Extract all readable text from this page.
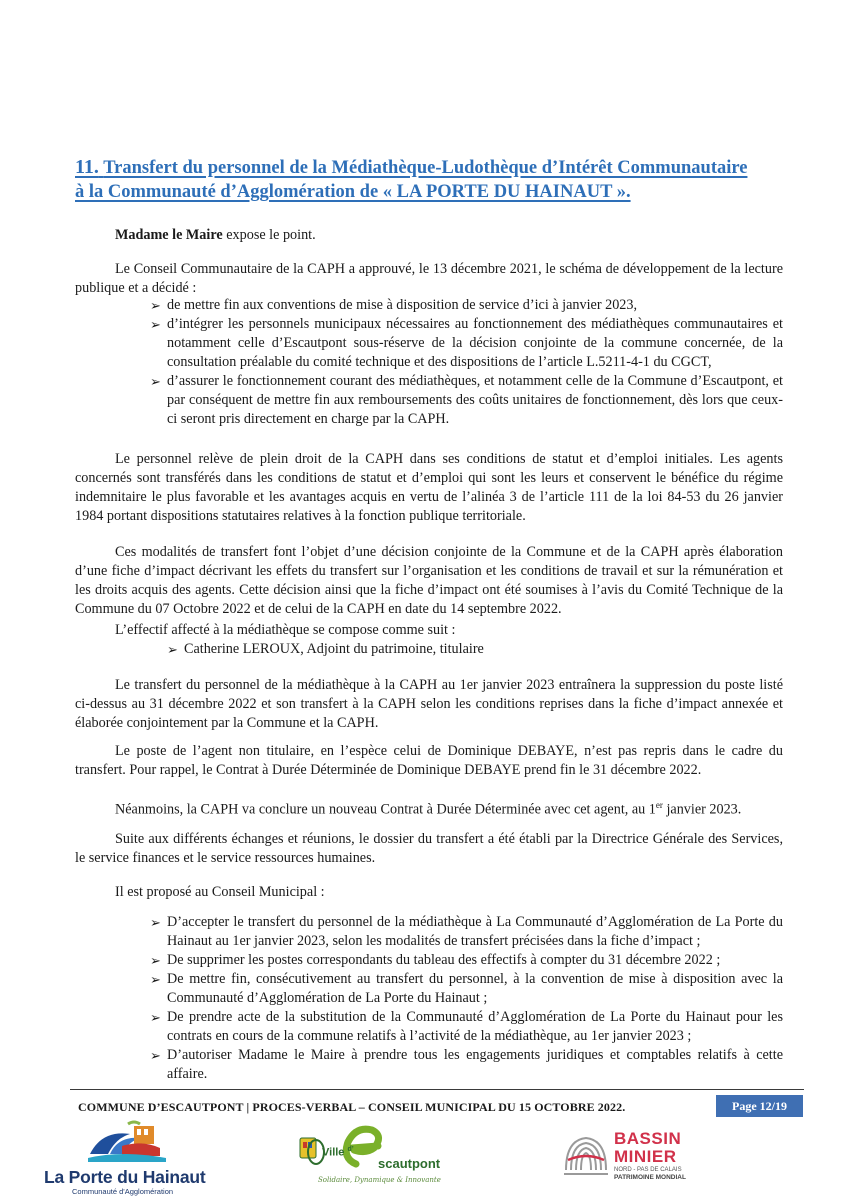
11. Transfert du personnel de la Médiathèque-Ludothèque d’Intérêt Communautaire
à la Communauté d’Agglomération de « LA PORTE DU HAINAUT ».
Madame le Maire expose le point.
Le Conseil Communautaire de la CAPH a approuvé, le 13 décembre 2021, le schéma de développement de la lecture publique et a décidé :
➢ de mettre fin aux conventions de mise à disposition de service d’ici à janvier 2023,
➢ d’intégrer les personnels municipaux nécessaires au fonctionnement des médiathèques communautaires et notamment celle d’Escautpont sous-réserve de la décision conjointe de la commune concernée, de la consultation préalable du comité technique et des dispositions de l’article L.5211-4-1 du CGCT,
➢ d’assurer le fonctionnement courant des médiathèques, et notamment celle de la Commune d’Escautpont, et par conséquent de mettre fin aux remboursements des coûts unitaires de fonctionnement, dès lors que ceux-ci seront pris directement en charge par la CAPH.
Le personnel relève de plein droit de la CAPH dans ses conditions de statut et d’emploi initiales. Les agents concernés sont transférés dans les conditions de statut et d’emploi qui sont les leurs et conservent le bénéfice du régime indemnitaire le plus favorable et les avantages acquis en vertu de l’alinéa 3 de l’article 111 de la loi 84-53 du 26 janvier 1984 portant dispositions statutaires relatives à la fonction publique territoriale.
Ces modalités de transfert font l’objet d’une décision conjointe de la Commune et de la CAPH après élaboration d’une fiche d’impact décrivant les effets du transfert sur l’organisation et les conditions de travail et sur la rémunération et les droits acquis des agents. Cette décision ainsi que la fiche d’impact ont été soumises à l’avis du Comité Technique de la Commune du 07 Octobre 2022 et de celui de la CAPH en date du 14 septembre 2022.
L’effectif affecté à la médiathèque se compose comme suit :
➢ Catherine LEROUX, Adjoint du patrimoine, titulaire
Le transfert du personnel de la médiathèque à la CAPH au 1er janvier 2023 entraînera la suppression du poste listé ci-dessus au 31 décembre 2022 et son transfert à la CAPH selon les conditions reprises dans la fiche d’impact annexée et élaborée conjointement par la Commune et la CAPH.
Le poste de l’agent non titulaire, en l’espèce celui de Dominique DEBAYE, n’est pas repris dans le cadre du transfert. Pour rappel, le Contrat à Durée Déterminée de Dominique DEBAYE prend fin le 31 décembre 2022.
Néanmoins, la CAPH va conclure un nouveau Contrat à Durée Déterminée avec cet agent, au 1er janvier 2023.
Suite aux différents échanges et réunions, le dossier du transfert a été établi par la Directrice Générale des Services, le service finances et le service ressources humaines.
Il est proposé au Conseil Municipal :
➢ D’accepter le transfert du personnel de la médiathèque à La Communauté d’Agglomération de La Porte du Hainaut au 1er janvier 2023, selon les modalités de transfert précisées dans la fiche d’impact ;
➢ De supprimer les postes correspondants du tableau des effectifs à compter du 31 décembre 2022 ;
➢ De mettre fin, consécutivement au transfert du personnel, à la convention de mise à disposition avec la Communauté d’Agglomération de La Porte du Hainaut ;
➢ De prendre acte de la substitution de la Communauté d’Agglomération de La Porte du Hainaut pour les contrats en cours de la commune relatifs à l’activité de la médiathèque, au 1er janvier 2023 ;
➢ D’autoriser Madame le Maire à prendre tous les engagements juridiques et comptables relatifs à cette affaire.
COMMUNE D’ESCAUTPONT | PROCES-VERBAL – CONSEIL MUNICIPAL DU 15 OCTOBRE 2022.	Page 12/19
La Porte du Hainaut
Communauté d'Agglomération
Ville $^{d’}$
scautpont
Solidaire, Dynamique & Innovante
BASSIN
MINIER
NORD - PAS DE CALAIS
PATRIMOINE MONDIAL
